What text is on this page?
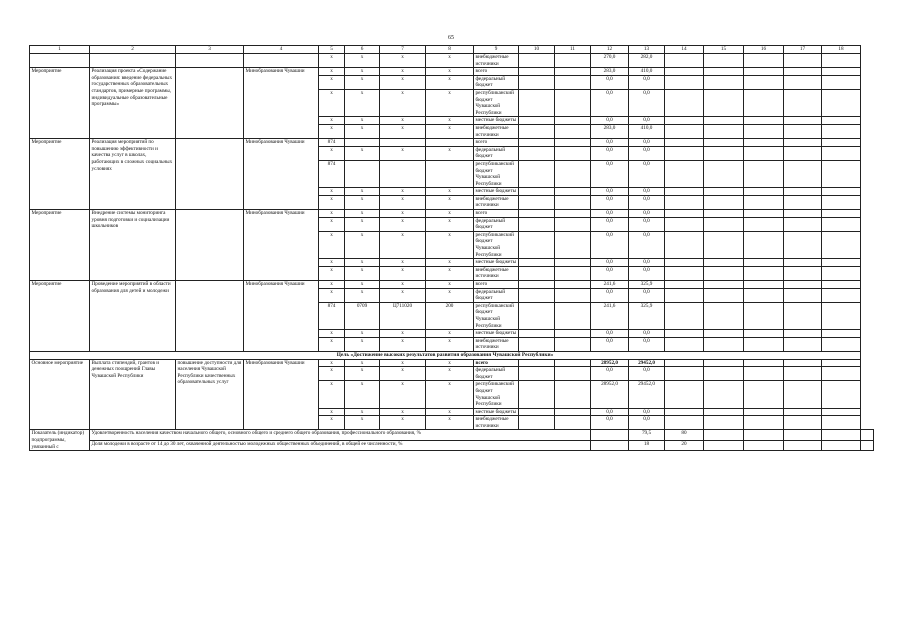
65
1	2	3	4	5	6	7	8	9	10	11	12	13	14	15	16	17	18	
				x	x	x	x	внебюджетные источники			270,0	282,0						
Мероприятие	Реализация проекта «Содержание образования: введение федеральных государственных образовательных стандартов, примерные программы, индивидуальные образовательные программы»		Минобразования Чувашии	x	x	x	x	всего			283,0	410,0						
				x	x	x	x	федеральный бюджет			0,0	0,0						
				x	x	x	x	республиканский бюджет Чувашской Республики			0,0	0,0						
				x	x	x	x	местные бюджеты			0,0	0,0						
				x	x	x	x	внебюджетные источники			283,0	410,0						
Мероприятие	Реализация мероприятий по повышению эффективности и качества услуг в школах, работающих в сложных социальных условиях		Минобразования Чувашии	874				всего			0,0	0,0						
				x	x	x	x	федеральный бюджет			0,0	0,0						
				874				республиканский бюджет Чувашской Республики			0,0	0,0						
				x	x	x	x	местные бюджеты			0,0	0,0						
				x	x	x	x	внебюджетные источники			0,0	0,0						
Мероприятие	Внедрение системы мониторинга уровня подготовки и социализации школьников		Минобразования Чувашии	x	x	x	x	всего			0,0	0,0						
				x	x	x	x	федеральный бюджет			0,0	0,0						
				x	x	x	x	республиканский бюджет Чувашской Республики			0,0	0,0						
				x	x	x	x	местные бюджеты			0,0	0,0						
				x	x	x	x	внебюджетные источники			0,0	0,0						
Мероприятие	Проведение мероприятий в области образования для детей и молодежи		Минобразования Чувашии	x	x	x	x	всего			241,6	325,9						
				x	x	x	x	федеральный бюджет			0,0	0,0						
				874	0709	Ц711020	200	республиканский бюджет Чувашской Республики			241,6	325,9						
				x	x	x	x	местные бюджеты			0,0	0,0						
				x	x	x	x	внебюджетные источники			0,0	0,0						
Цель «Достижение высоких результатов развития образования Чувашской Республики»																		
Основное мероприятие	Выплата стипендий, грантов и денежных поощрений Главы Чувашской Республики	повышение доступности для населения Чувашской Республики качественных образовательных услуг	Минобразования Чувашии	x	x	x	x	всего			28952,0	29452,0						
				x	x	x	x	федеральный бюджет			0,0	0,0						
				x	x	x	x	республиканский бюджет Чувашской Республики			28952,0	29452,0						
				x	x	x	x	местные бюджеты			0,0	0,0						
				x	x	x	x	внебюджетные источники			0,0	0,0						
Показатель (индикатор) подпрограммы, увязанный с	Удовлетворенность населения качеством начального общего, основного общего и среднего общего образования, профессионального образования, %											79,5	80					
	Доля молодежи в возрасте от 14 до 30 лет, охваченной деятельностью молодежных общественных объединений, в общей ее численности, %											18	20					
